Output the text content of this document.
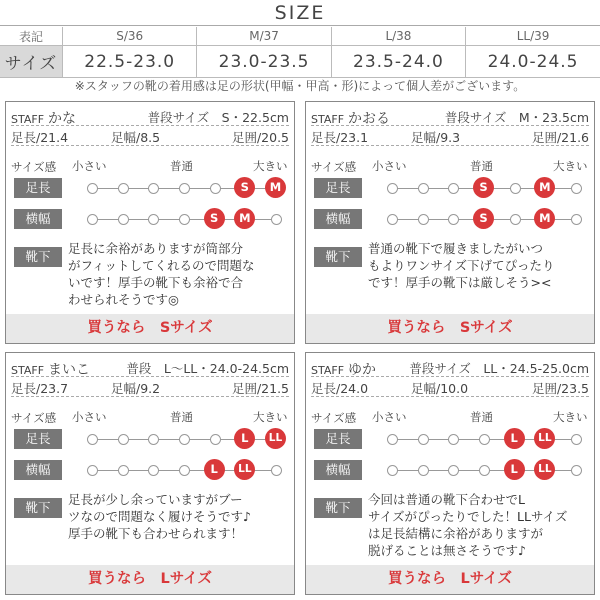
SIZE
表記	S/36	M/37	L/38	LL/39
サイズ	22.5-23.0	23.0-23.5	23.5-24.0	24.0-24.5
※スタッフの靴の着用感は足の形状(甲幅・甲高・形)によって個人差がございます。
STAFF かな	普段サイズ　S・22.5cm
足長/21.4	足幅/8.5	足囲/20.5
サイズ感 小さい	普通	大きい
足長	S	M
横幅	S	M
靴下
足長に余裕がありますが筒部分
がフィットしてくれるので問題な
いです！厚手の靴下も余裕で合
わせられそうです◎
買うなら　Sサイズ
STAFF かおる	普段サイズ　M・23.5cm
足長/23.1	足幅/9.3	足囲/21.6
サイズ感 小さい	普通	大きい
足長	S	M
横幅	S	M
靴下
普通の靴下で履きましたがいつ
もよりワンサイズ下げてぴったり
です！厚手の靴下は厳しそう><
買うなら　Sサイズ
STAFF まいこ	普段　L〜LL・24.0-24.5cm
足長/23.7	足幅/9.2	足囲/21.5
サイズ感 小さい	普通	大きい
足長	L	LL
横幅	L	LL
靴下
足長が少し余っていますがブー
ツなので問題なく履けそうです♪
厚手の靴下も合わせられます！
買うなら　Lサイズ
STAFF ゆか	普段サイズ　LL・24.5-25.0cm
足長/24.0	足幅/10.0	足囲/23.5
サイズ感 小さい	普通	大きい
足長	L	LL
横幅	L	LL
靴下
今回は普通の靴下合わせでL
サイズがぴったりでした！LLサイズ
は足長結構に余裕がありますが
脱げることは無さそうです♪
買うなら　Lサイズ
